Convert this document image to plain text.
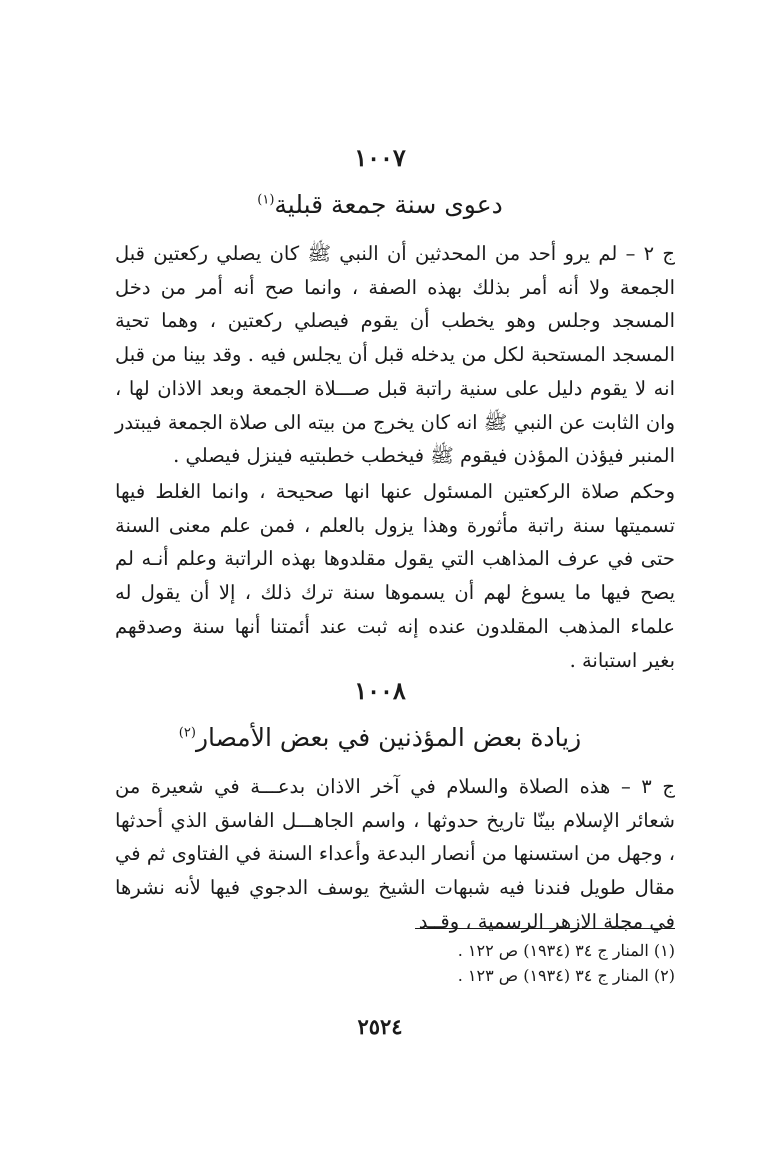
١٠٠٧
دعوى سنة جمعة قبلية$^{(١)}$

ج ٢ – لم يرو أحد من المحدثين أن النبي ﷺ كان يصلي ركعتين قبل الجمعة ولا أنه أمر بذلك بهذه الصفة ، وانما صح أنه أمر من دخل المسجد وجلس وهو يخطب أن يقوم فيصلي ركعتين ، وهما تحية المسجد المستحبة لكل من يدخله قبل أن يجلس فيه . وقد بينا من قبل انه لا يقوم دليل على سنية راتبة قبل صـــلاة الجمعة وبعد الاذان لها ، وان الثابت عن النبي ﷺ انه كان يخرج من بيته الى صلاة الجمعة فيبتدر المنبر فيؤذن المؤذن فيقوم ﷺ فيخطب خطبتيه فينزل فيصلي .

وحكم صلاة الركعتين المسئول عنها انها صحيحة ، وانما الغلط فيها تسميتها سنة راتبة مأثورة وهذا يزول بالعلم ، فمن علم معنى السنة حتى في عرف المذاهب التي يقول مقلدوها بهذه الراتبة وعلم أنـه لم يصح فيها ما يسوغ لهم أن يسموها سنة ترك ذلك ، إلا أن يقول له علماء المذهب المقلدون عنده إنه ثبت عند أئمتنا أنها سنة وصدقهم بغير استبانة .

١٠٠٨
زيادة بعض المؤذنين في بعض الأمصار$^{(٢)}$

ج ٣ – هذه الصلاة والسلام في آخر الاذان بدعـــة في شعيرة من شعائر الإسلام بينّا تاريخ حدوثها ، واسم الجاهـــل الفاسق الذي أحدثها ، وجهل من استسنها من أنصار البدعة وأعداء السنة في الفتاوى ثم في مقال طويل فندنا فيه شبهات الشيخ يوسف الدجوي فيها لأنه نشرها في مجلة الازهر الرسمية ، وقــد

(١) المنار ج ٣٤ (١٩٣٤) ص ١٢٢ .
(٢) المنار ج ٣٤ (١٩٣٤) ص ١٢٣ .
٢٥٢٤
